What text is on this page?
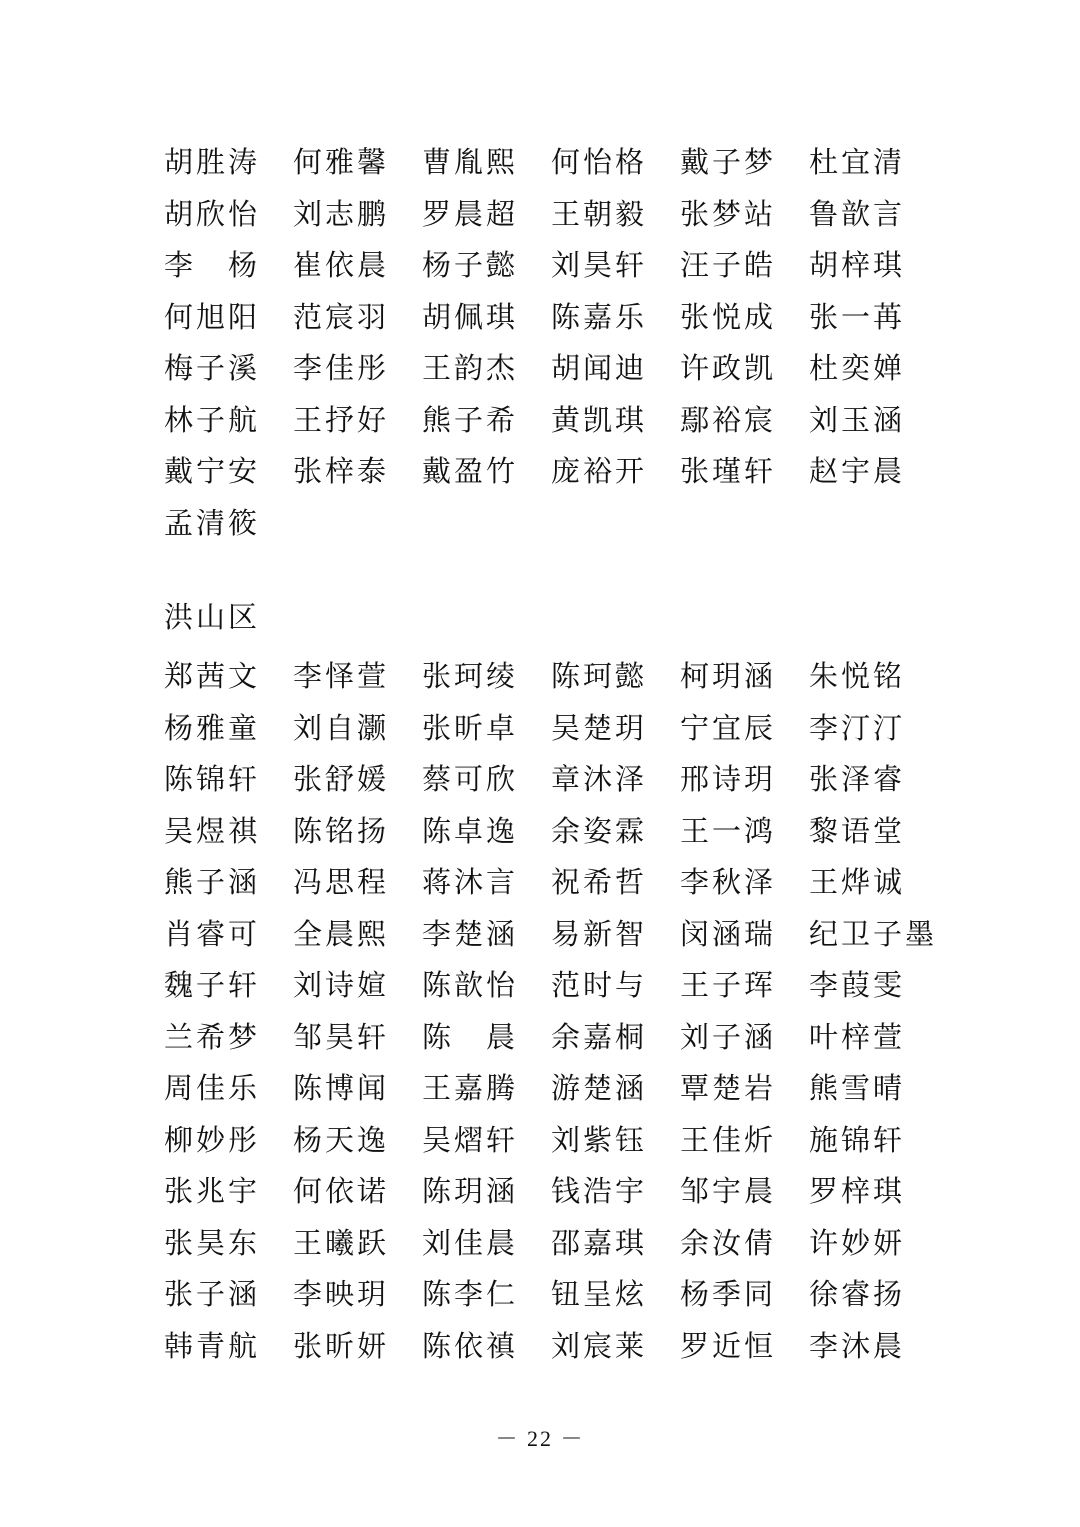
胡胜涛	何雅馨	曹胤熙	何怡格	戴子梦	杜宜清
胡欣怡	刘志鹏	罗晨超	王朝毅	张梦站	鲁歆言
李　杨	崔依晨	杨子懿	刘昊轩	汪子皓	胡梓琪
何旭阳	范宸羽	胡佩琪	陈嘉乐	张悦成	张一苒
梅子溪	李佳彤	王韵杰	胡闻迪	许政凯	杜奕婵
林子航	王抒好	熊子希	黄凯琪	鄢裕宸	刘玉涵
戴宁安	张梓泰	戴盈竹	庞裕开	张瑾轩	赵宇晨
孟清筱
洪山区
郑茜文	李怿萱	张珂绫	陈珂懿	柯玥涵	朱悦铭
杨雅童	刘自灏	张昕卓	吴楚玥	宁宜辰	李汀汀
陈锦轩	张舒媛	蔡可欣	章沐泽	邢诗玥	张泽睿
吴煜祺	陈铭扬	陈卓逸	余姿霖	王一鸿	黎语堂
熊子涵	冯思程	蒋沐言	祝希哲	李秋泽	王烨诚
肖睿可	全晨熙	李楚涵	易新智	闵涵瑞	纪卫子墨
魏子轩	刘诗媗	陈歆怡	范时与	王子珲	李葭雯
兰希梦	邹昊轩	陈　晨	余嘉桐	刘子涵	叶梓萱
周佳乐	陈博闻	王嘉腾	游楚涵	覃楚岩	熊雪晴
柳妙彤	杨天逸	吴熠轩	刘紫钰	王佳炘	施锦轩
张兆宇	何依诺	陈玥涵	钱浩宇	邹宇晨	罗梓琪
张昊东	王曦跃	刘佳晨	邵嘉琪	余汝倩	许妙妍
张子涵	李映玥	陈李仁	钮呈炫	杨季同	徐睿扬
韩青航	张昕妍	陈依禛	刘宸莱	罗近恒	李沐晨
－ 22 －
